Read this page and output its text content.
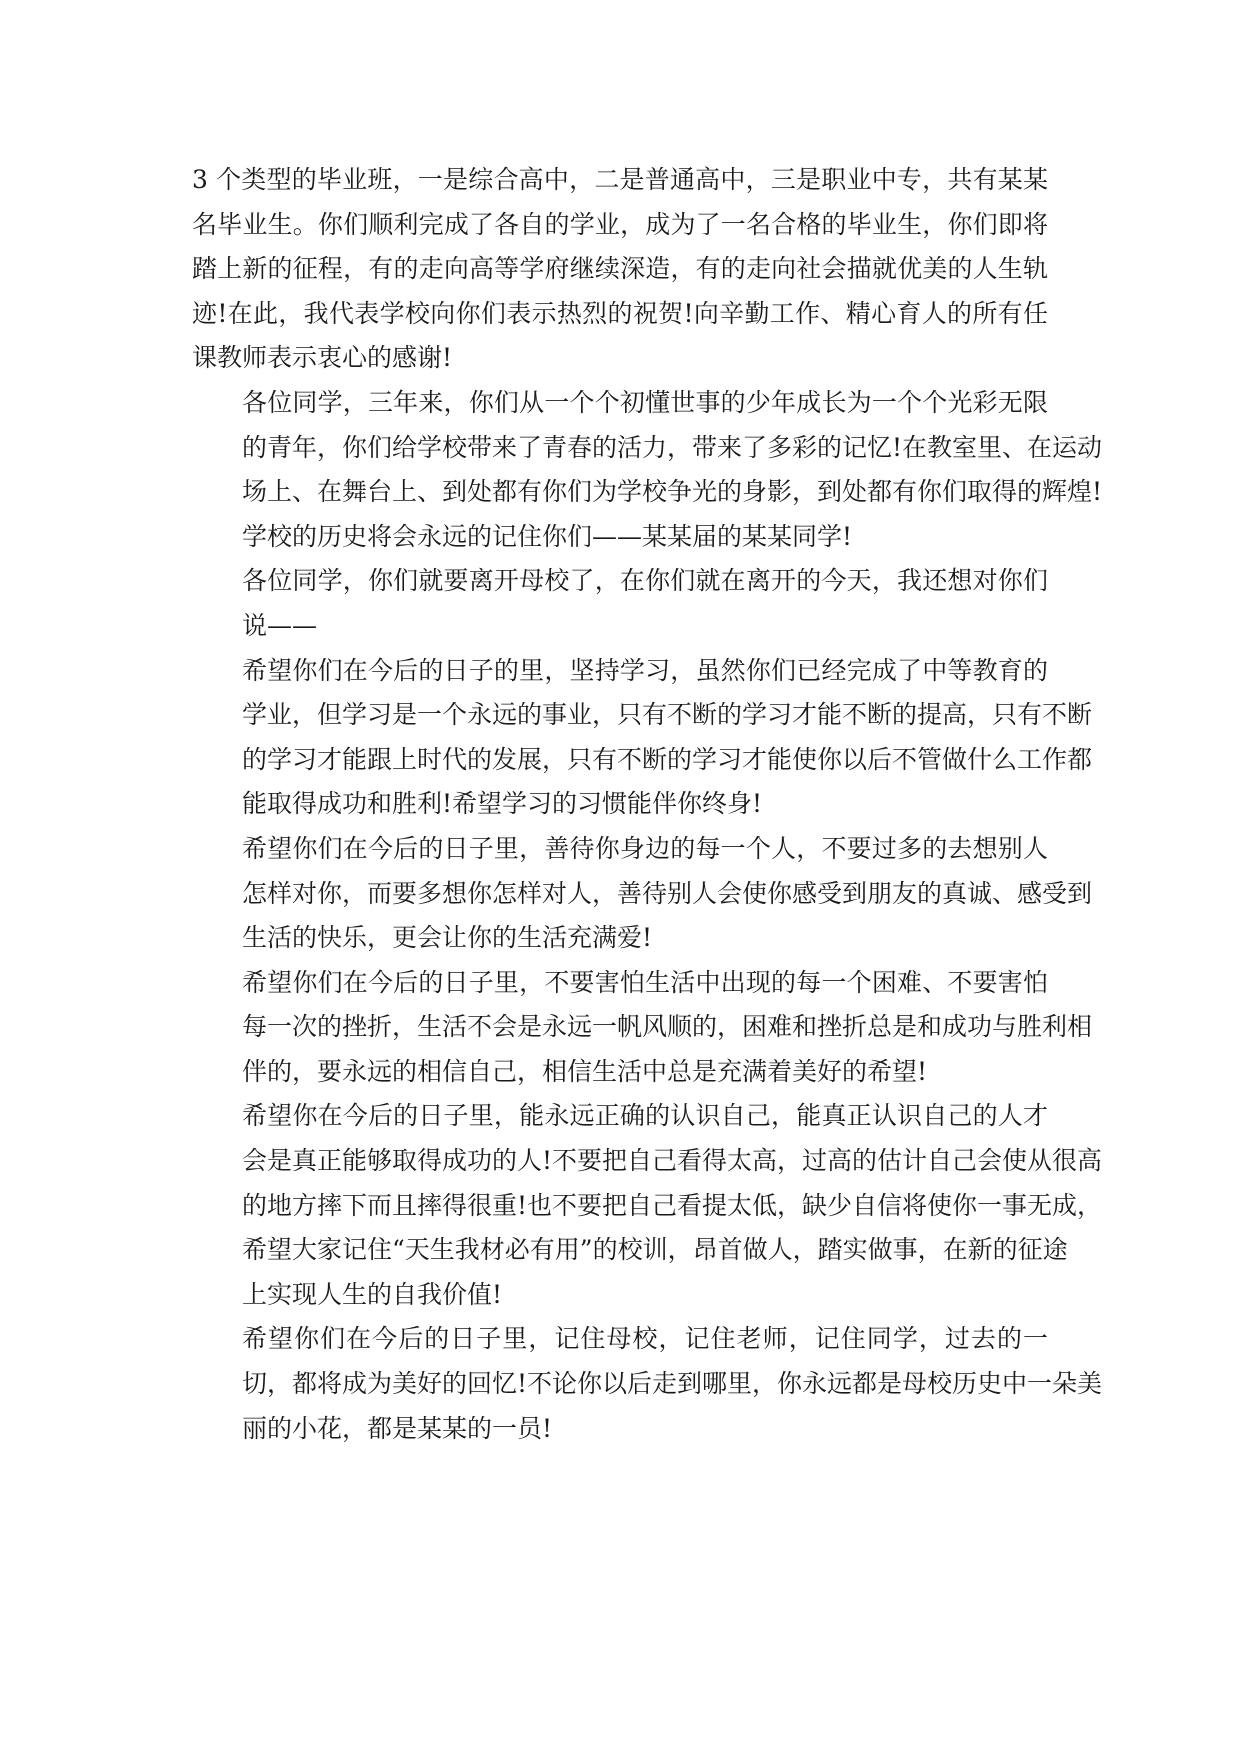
3 个类型的毕业班，一是综合高中，二是普通高中，三是职业中专，共有某某
名毕业生。你们顺利完成了各自的学业，成为了一名合格的毕业生，你们即将
踏上新的征程，有的走向高等学府继续深造，有的走向社会描就优美的人生轨
迹!在此，我代表学校向你们表示热烈的祝贺!向辛勤工作、精心育人的所有任
课教师表示衷心的感谢!

各位同学，三年来，你们从一个个初懂世事的少年成长为一个个光彩无限
的青年，你们给学校带来了青春的活力，带来了多彩的记忆!在教室里、在运动
场上、在舞台上、到处都有你们为学校争光的身影，到处都有你们取得的辉煌!
学校的历史将会永远的记住你们——某某届的某某同学!

各位同学，你们就要离开母校了，在你们就在离开的今天，我还想对你们
说——

希望你们在今后的日子的里，坚持学习，虽然你们已经完成了中等教育的
学业，但学习是一个永远的事业，只有不断的学习才能不断的提高，只有不断
的学习才能跟上时代的发展，只有不断的学习才能使你以后不管做什么工作都
能取得成功和胜利!希望学习的习惯能伴你终身!

希望你们在今后的日子里，善待你身边的每一个人，不要过多的去想别人
怎样对你，而要多想你怎样对人，善待别人会使你感受到朋友的真诚、感受到
生活的快乐，更会让你的生活充满爱!

希望你们在今后的日子里，不要害怕生活中出现的每一个困难、不要害怕
每一次的挫折，生活不会是永远一帆风顺的，困难和挫折总是和成功与胜利相
伴的，要永远的相信自己，相信生活中总是充满着美好的希望!

希望你在今后的日子里，能永远正确的认识自己，能真正认识自己的人才
会是真正能够取得成功的人!不要把自己看得太高，过高的估计自己会使从很高
的地方摔下而且摔得很重!也不要把自己看提太低，缺少自信将使你一事无成，
希望大家记住“天生我材必有用”的校训，昂首做人，踏实做事，在新的征途
上实现人生的自我价值!

希望你们在今后的日子里，记住母校，记住老师，记住同学，过去的一
切，都将成为美好的回忆!不论你以后走到哪里，你永远都是母校历史中一朵美
丽的小花，都是某某的一员!
